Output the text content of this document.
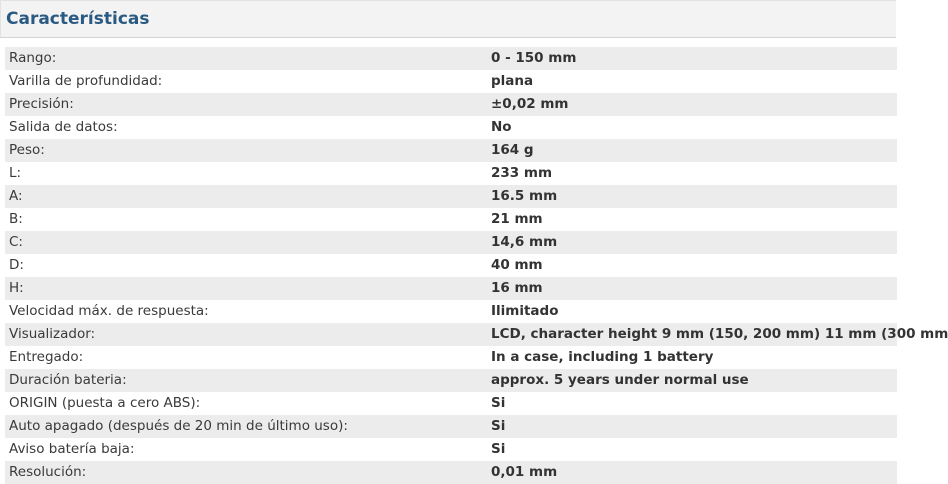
Características
Rango:	0 - 150 mm
Varilla de profundidad:	plana
Precisión:	±0,02 mm
Salida de datos:	No
Peso:	164 g
L:	233 mm
A:	16.5 mm
B:	21 mm
C:	14,6 mm
D:	40 mm
H:	16 mm
Velocidad máx. de respuesta:	Ilimitado
Visualizador:	LCD, character height 9 mm (150, 200 mm) 11 mm (300 mm
Entregado:	In a case, including 1 battery
Duración bateria:	approx. 5 years under normal use
ORIGIN (puesta a cero ABS):	Si
Auto apagado (después de 20 min de último uso):	Si
Aviso batería baja:	Si
Resolución:	0,01 mm
